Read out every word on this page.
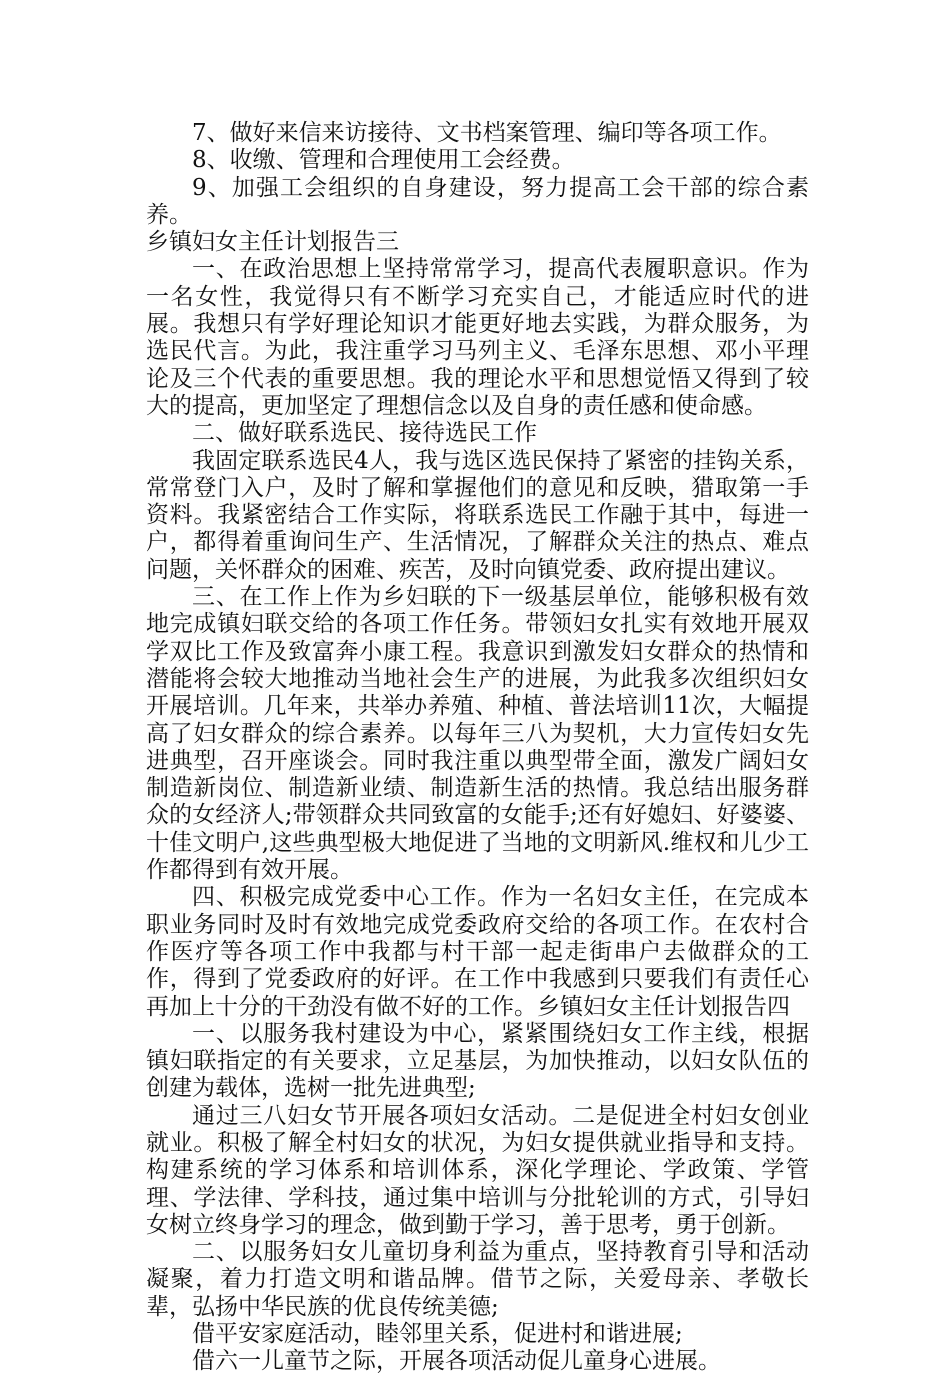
7、做好来信来访接待、文书档案管理、编印等各项工作。

8、收缴、管理和合理使用工会经费。

9、加强工会组织的自身建设，努力提高工会干部的综合素养。

乡镇妇女主任计划报告三

一、在政治思想上坚持常常学习，提高代表履职意识。作为一名女性，我觉得只有不断学习充实自己，才能适应时代的进展。我想只有学好理论知识才能更好地去实践，为群众服务，为选民代言。为此，我注重学习马列主义、毛泽东思想、邓小平理论及三个代表的重要思想。我的理论水平和思想觉悟又得到了较大的提高，更加坚定了理想信念以及自身的责任感和使命感。

二、做好联系选民、接待选民工作

我固定联系选民4人，我与选区选民保持了紧密的挂钩关系，常常登门入户，及时了解和掌握他们的意见和反映，猎取第一手资料。我紧密结合工作实际，将联系选民工作融于其中，每进一户，都得着重询问生产、生活情况，了解群众关注的热点、难点问题，关怀群众的困难、疾苦，及时向镇党委、政府提出建议。

三、在工作上作为乡妇联的下一级基层单位，能够积极有效地完成镇妇联交给的各项工作任务。带领妇女扎实有效地开展双学双比工作及致富奔小康工程。我意识到激发妇女群众的热情和潜能将会较大地推动当地社会生产的进展，为此我多次组织妇女开展培训。几年来，共举办养殖、种植、普法培训11次，大幅提高了妇女群众的综合素养。以每年三八为契机，大力宣传妇女先进典型，召开座谈会。同时我注重以典型带全面，激发广阔妇女制造新岗位、制造新业绩、制造新生活的热情。我总结出服务群众的女经济人;带领群众共同致富的女能手;还有好媳妇、好婆婆、十佳文明户,这些典型极大地促进了当地的文明新风.维权和儿少工作都得到有效开展。

四、积极完成党委中心工作。作为一名妇女主任，在完成本职业务同时及时有效地完成党委政府交给的各项工作。在农村合作医疗等各项工作中我都与村干部一起走街串户去做群众的工作，得到了党委政府的好评。在工作中我感到只要我们有责任心再加上十分的干劲没有做不好的工作。乡镇妇女主任计划报告四

一、以服务我村建设为中心，紧紧围绕妇女工作主线，根据镇妇联指定的有关要求，立足基层，为加快推动，以妇女队伍的创建为载体，选树一批先进典型;

通过三八妇女节开展各项妇女活动。二是促进全村妇女创业就业。积极了解全村妇女的状况，为妇女提供就业指导和支持。构建系统的学习体系和培训体系，深化学理论、学政策、学管理、学法律、学科技，通过集中培训与分批轮训的方式，引导妇女树立终身学习的理念，做到勤于学习，善于思考，勇于创新。

二、以服务妇女儿童切身利益为重点，坚持教育引导和活动凝聚，着力打造文明和谐品牌。借节之际，关爱母亲、孝敬长辈，弘扬中华民族的优良传统美德;

借平安家庭活动，睦邻里关系，促进村和谐进展;

借六一儿童节之际，开展各项活动促儿童身心进展。
